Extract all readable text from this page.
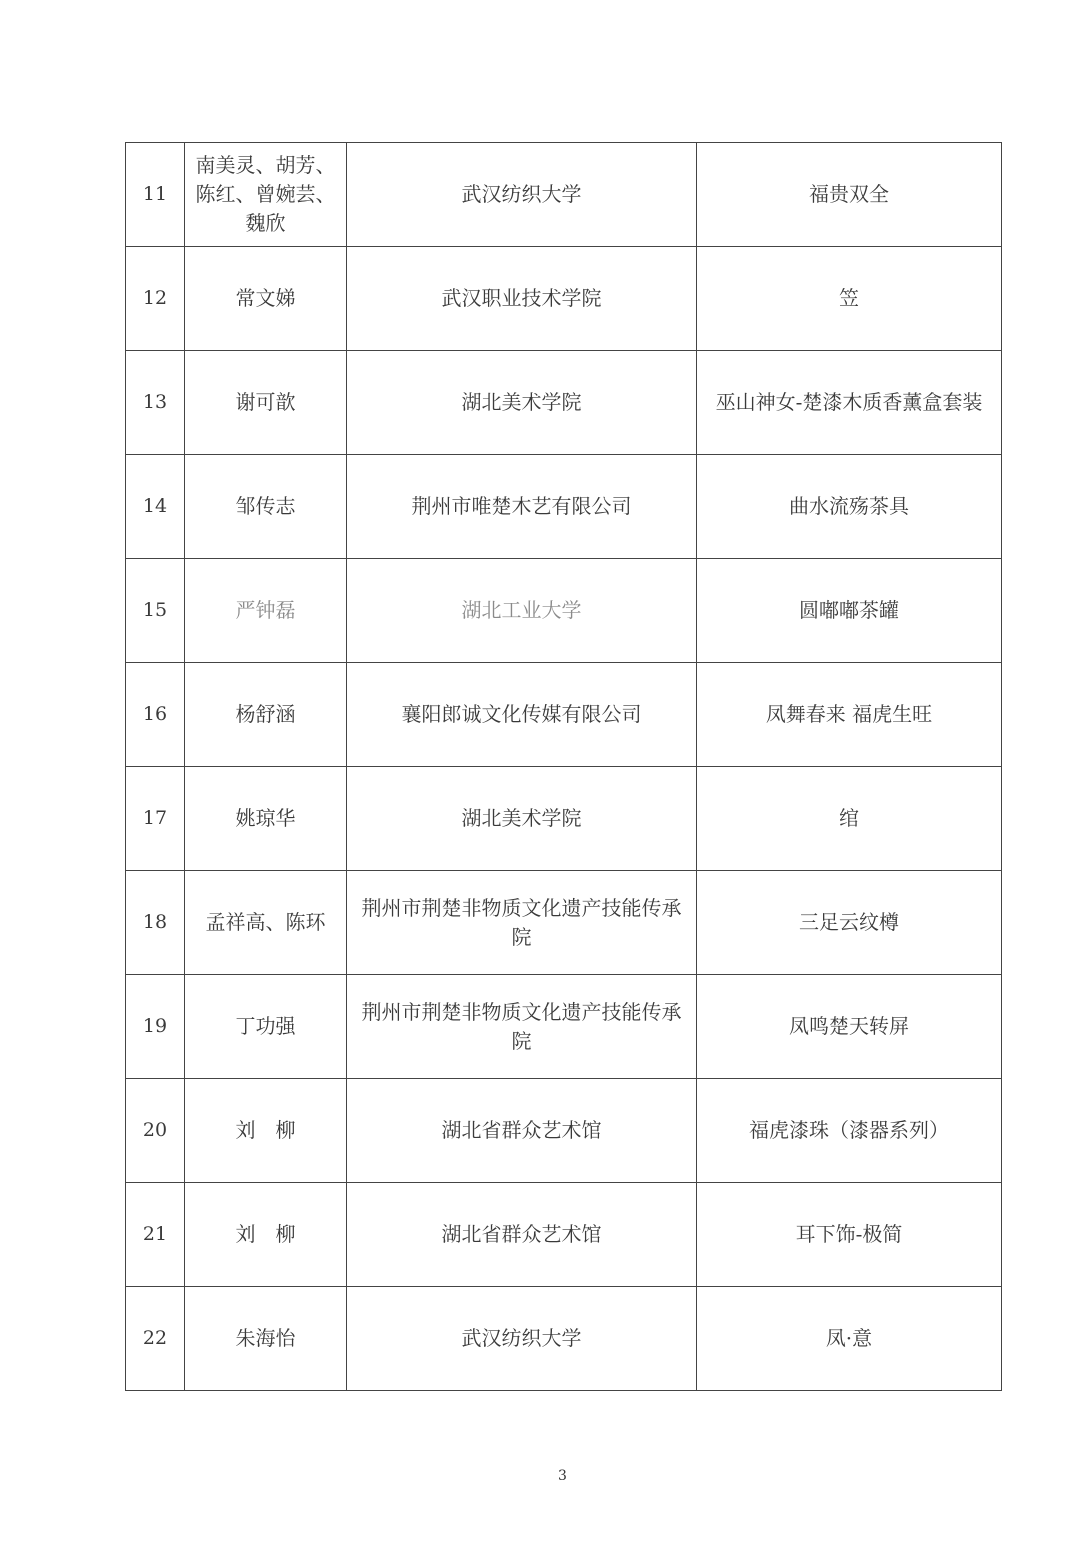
11	南美灵、胡芳、陈红、曾婉芸、魏欣	武汉纺织大学	福贵双全
12	常文娣	武汉职业技术学院	笠
13	谢可歆	湖北美术学院	巫山神女-楚漆木质香薰盒套装
14	邹传志	荆州市唯楚木艺有限公司	曲水流殇茶具
15	严钟磊	湖北工业大学	圆嘟嘟茶罐
16	杨舒涵	襄阳郎诚文化传媒有限公司	凤舞春来 福虎生旺
17	姚琼华	湖北美术学院	绾
18	孟祥高、陈环	荆州市荆楚非物质文化遗产技能传承院	三足云纹樽
19	丁功强	荆州市荆楚非物质文化遗产技能传承院	凤鸣楚天转屏
20	刘　柳	湖北省群众艺术馆	福虎漆珠（漆器系列）
21	刘　柳	湖北省群众艺术馆	耳下饰-极简
22	朱海怡	武汉纺织大学	凤·意
3
